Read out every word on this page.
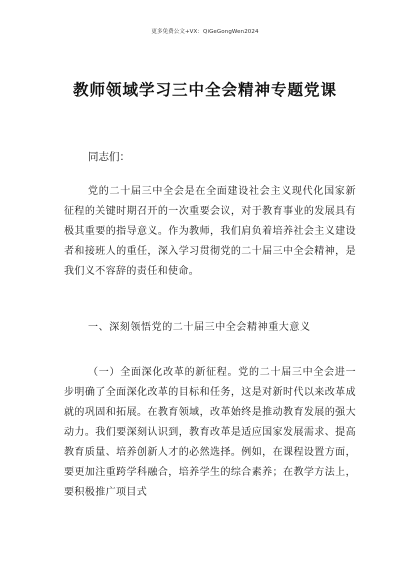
更多免费公文+VX：QiGeGongWen2024
教师领域学习三中全会精神专题党课
同志们：
党的二十届三中全会是在全面建设社会主义现代化国家新征程的关键时期召开的一次重要会议，对于教育事业的发展具有极其重要的指导意义。作为教师，我们肩负着培养社会主义建设者和接班人的重任，深入学习贯彻党的二十届三中全会精神，是我们义不容辞的责任和使命。
一、深刻领悟党的二十届三中全会精神重大意义
（一）全面深化改革的新征程。党的二十届三中全会进一步明确了全面深化改革的目标和任务，这是对新时代以来改革成就的巩固和拓展。在教育领域，改革始终是推动教育发展的强大动力。我们要深刻认识到，教育改革是适应国家发展需求、提高教育质量、培养创新人才的必然选择。例如，在课程设置方面，要更加注重跨学科融合，培养学生的综合素养；在教学方法上，要积极推广项目式
